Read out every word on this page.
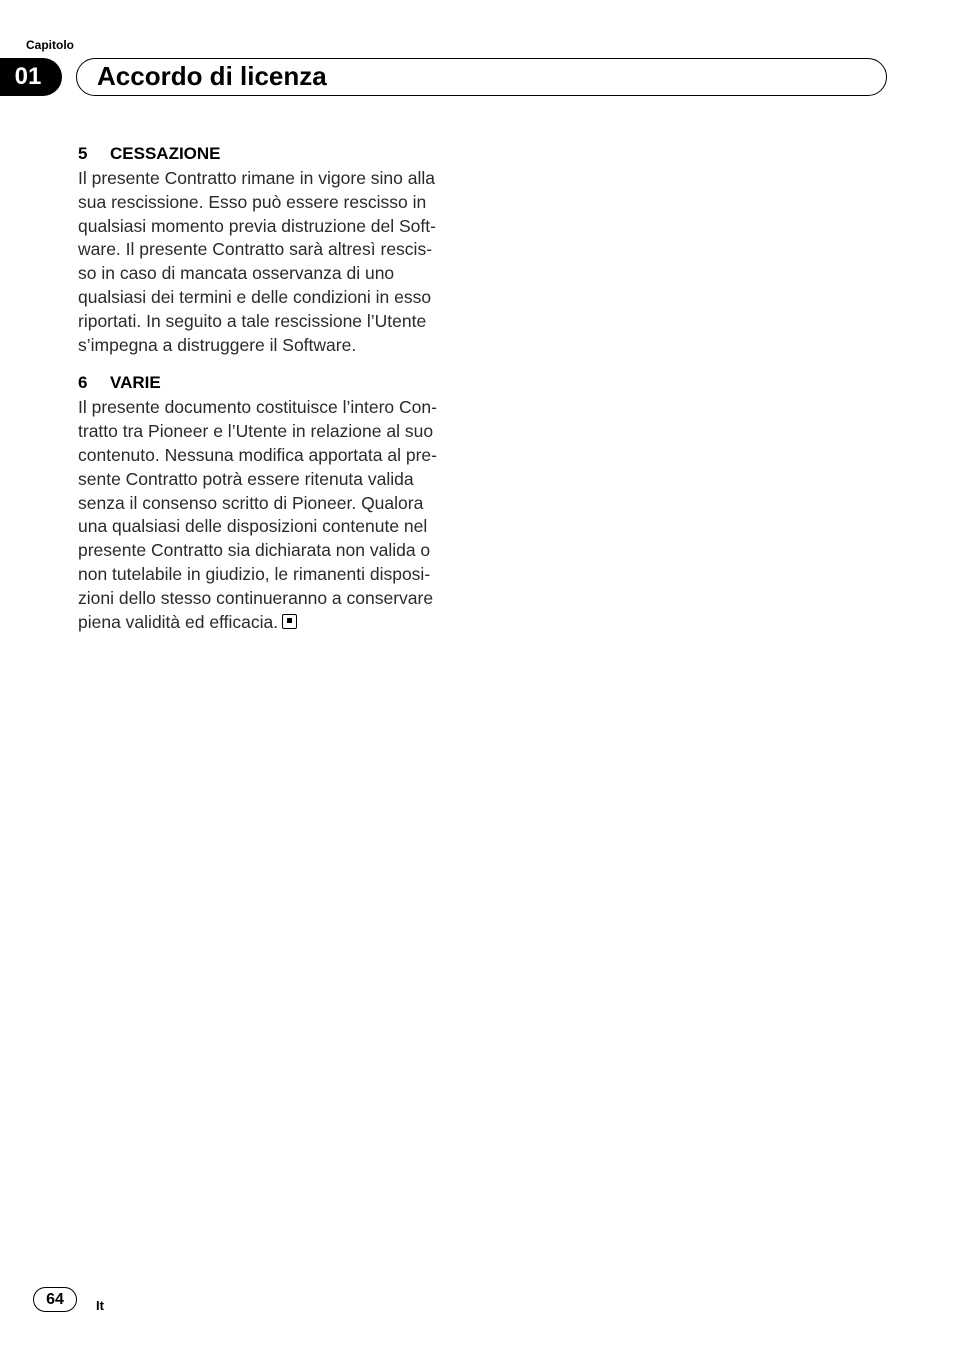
Capitolo
01	Accordo di licenza
5	CESSAZIONE

Il presente Contratto rimane in vigore sino alla
sua rescissione. Esso può essere rescisso in
qualsiasi momento previa distruzione del Soft-
ware. Il presente Contratto sarà altresì rescis-
so in caso di mancata osservanza di uno
qualsiasi dei termini e delle condizioni in esso
riportati. In seguito a tale rescissione l’Utente
s’impegna a distruggere il Software.

6	VARIE

Il presente documento costituisce l’intero Con-
tratto tra Pioneer e l’Utente in relazione al suo
contenuto. Nessuna modifica apportata al pre-
sente Contratto potrà essere ritenuta valida
senza il consenso scritto di Pioneer. Qualora
una qualsiasi delle disposizioni contenute nel
presente Contratto sia dichiarata non valida o
non tutelabile in giudizio, le rimanenti disposi-
zioni dello stesso continueranno a conservare
piena validità ed efficacia.

64	It
